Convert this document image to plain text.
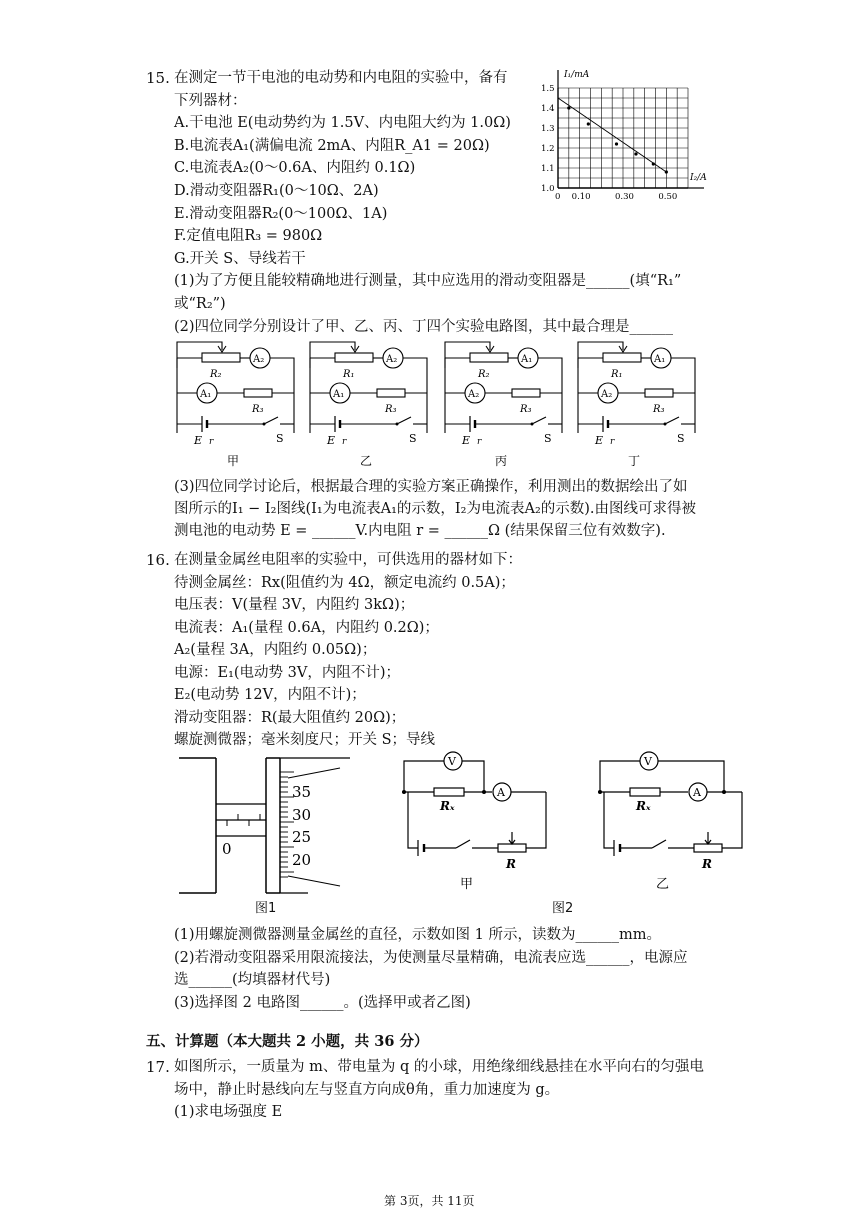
15. 在测定一节干电池的电动势和内电阻的实验中，备有
下列器材：
A.干电池 E(电动势约为 1.5V、内电阻大约为 1.0Ω)
B.电流表A₁(满偏电流 2mA、内阻R_A1 = 20Ω)
C.电流表A₂(0～0.6A、内阻约 0.1Ω)
D.滑动变阻器R₁(0～10Ω、2A)
E.滑动变阻器R₂(0～100Ω、1A)
F.定值电阻R₃ = 980Ω
G.开关 S、导线若干
(1)为了方便且能较精确地进行测量，其中应选用的滑动变阻器是______(填“R₁”
或“R₂”)
(2)四位同学分别设计了甲、乙、丙、丁四个实验电路图，其中最合理是______
1.5
1.4
1.3
1.2
1.1
1.0
0 0.10	0.30	0.50
I₁/mA
I₂/A
R₂
A₂
A₁
R₃
E r	S
甲
R₁
A₂
A₁
R₃
E r	S
乙
R₂
A₁
A₂
R₃
E r	S
丙
R₁
A₁
A₂
R₃
E r	S
丁
(3)四位同学讨论后，根据最合理的实验方案正确操作，利用测出的数据绘出了如
图所示的I₁ − I₂图线(I₁为电流表A₁的示数，I₂为电流表A₂的示数).由图线可求得被
测电池的电动势 E = ______V.内电阻 r = ______Ω (结果保留三位有效数字).
16. 在测量金属丝电阻率的实验中，可供选用的器材如下：
待测金属丝：Rx(阻值约为 4Ω，额定电流约 0.5A)；
电压表：V(量程 3V，内阻约 3kΩ)；
电流表：A₁(量程 0.6A，内阻约 0.2Ω)；
A₂(量程 3A，内阻约 0.05Ω)；
电源：E₁(电动势 3V，内阻不计)；
E₂(电动势 12V，内阻不计)；
滑动变阻器：R(最大阻值约 20Ω)；
螺旋测微器；毫米刻度尺；开关 S；导线
0
35
30
25
20
图1
R
A
Rₓ
V
甲
R
A
Rₓ
V
乙
图2
(1)用螺旋测微器测量金属丝的直径，示数如图 1 所示，读数为______mm。
(2)若滑动变阻器采用限流接法，为使测量尽量精确，电流表应选______，电源应
选______(均填器材代号)
(3)选择图 2 电路图______。(选择甲或者乙图)
五、计算题（本大题共 2 小题，共 36 分）
17. 如图所示，一质量为 m、带电量为 q 的小球，用绝缘细线悬挂在水平向右的匀强电
场中，静止时悬线向左与竖直方向成θ角，重力加速度为 g。
(1)求电场强度 E
第 3页，共 11页
